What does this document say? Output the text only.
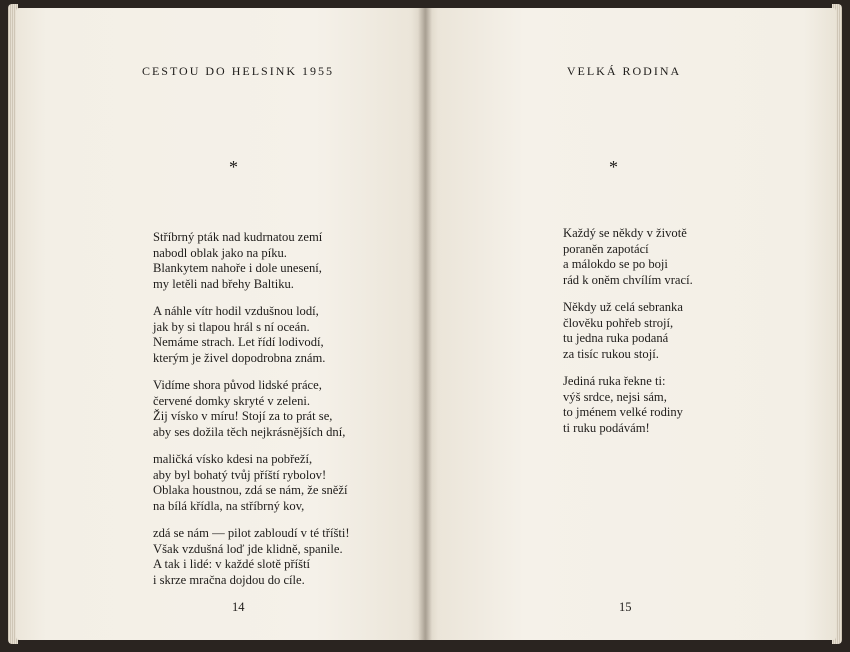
CESTOU DO HELSINK 1955
*
Stříbrný pták nad kudrnatou zemí
nabodl oblak jako na píku.
Blankytem nahoře i dole unesení,
my letěli nad břehy Baltiku.
A náhle vítr hodil vzdušnou lodí,
jak by si tlapou hrál s ní oceán.
Nemáme strach. Let řídí lodivodí,
kterým je živel dopodrobna znám.
Vidíme shora původ lidské práce,
červené domky skryté v zeleni.
Žij vísko v míru! Stojí za to prát se,
aby ses dožila těch nejkrásnějších dní,
maličká vísko kdesi na pobřeží,
aby byl bohatý tvůj příští rybolov!
Oblaka houstnou, zdá se nám, že sněží
na bílá křídla, na stříbrný kov,
zdá se nám — pilot zabloudí v té tříšti!
Však vzdušná loď jde klidně, spanile.
A tak i lidé: v každé slotě příští
i skrze mračna dojdou do cíle.
14
VELKÁ RODINA
*
Každý se někdy v životě
poraněn zapotácí
a málokdo se po boji
rád k oněm chvílím vrací.
Někdy už celá sebranka
člověku pohřeb strojí,
tu jedna ruka podaná
za tisíc rukou stojí.
Jediná ruka řekne ti:
výš srdce, nejsi sám,
to jménem velké rodiny
ti ruku podávám!
15
